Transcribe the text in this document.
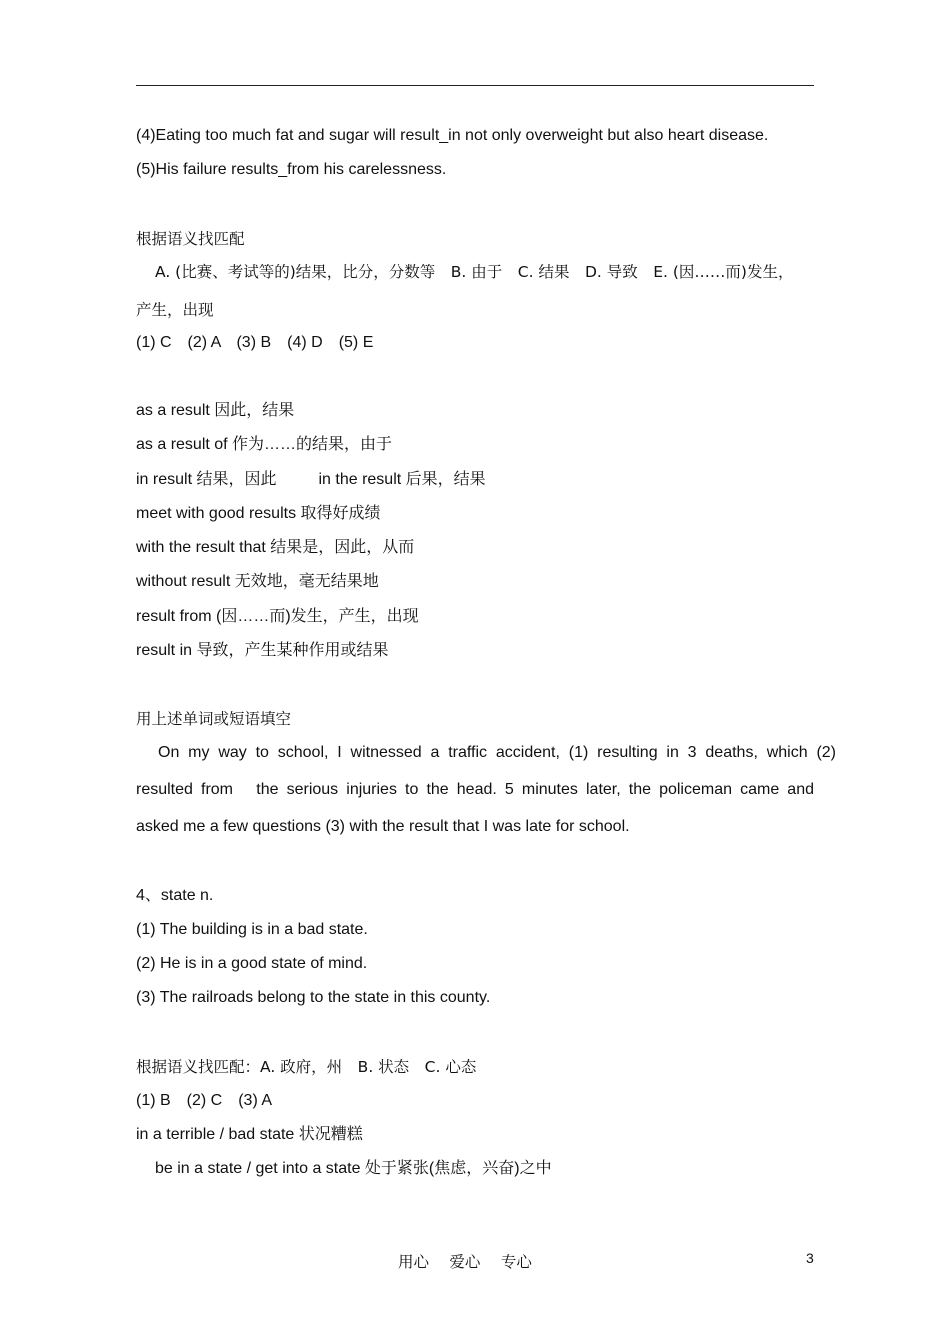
(4)Eating too much fat and sugar will result_in not only overweight but also heart disease.
(5)His failure results_from his carelessness.
根据语义找匹配
A. (比赛、考试等的)结果，比分，分数等　B. 由于　C. 结果　D. 导致　E. (因……而)发生，
产生，出现
(1) C　(2) A　(3) B　(4) D　(5) E
as a result 因此，结果
as a result of 作为……的结果，由于
in result 结果，因此	in the result 后果，结果
meet with good results 取得好成绩
with the result that 结果是，因此，从而
without result 无效地，毫无结果地
result from (因……而)发生，产生，出现
result in 导致，产生某种作用或结果
用上述单词或短语填空
On my way to school, I witnessed a traffic accident, (1) resulting in 3 deaths, which (2)
resulted from　the serious injuries to the head. 5 minutes later, the policeman came and
asked me a few questions (3) with the result that I was late for school.
4、state n.
(1) The building is in a bad state.
(2) He is in a good state of mind.
(3) The railroads belong to the state in this county.
根据语义找匹配：A. 政府，州　B. 状态　C. 心态
(1) B　(2) C　(3) A
in a terrible / bad state 状况糟糕
be in a state / get into a state 处于紧张(焦虑，兴奋)之中
用心　 爱心　 专心	3
